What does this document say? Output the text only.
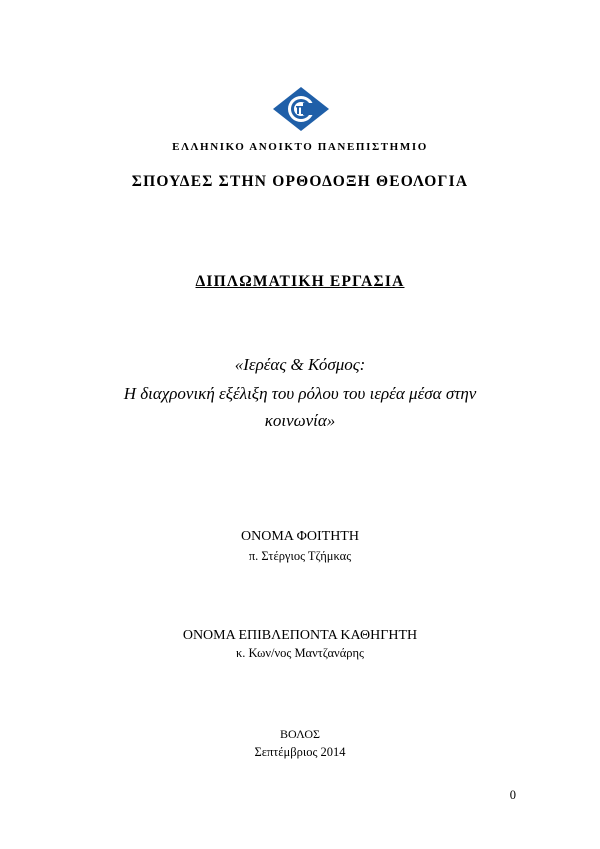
ΕΛΛΗΝΙΚΟ ΑΝΟΙΚΤΟ ΠΑΝΕΠΙΣΤΗΜΙΟ
ΣΠΟΥΔΕΣ ΣΤΗΝ ΟΡΘΟΔΟΞΗ ΘΕΟΛΟΓΙΑ
ΔΙΠΛΩΜΑΤΙΚΗ ΕΡΓΑΣΙΑ
«Ιερέας & Κόσμος:
Η διαχρονική εξέλιξη του ρόλου του ιερέα μέσα στην
κοινωνία»
ΟΝΟΜΑ ΦΟΙΤΗΤΗ
π. Στέργιος Τζήμκας
ΟΝΟΜΑ ΕΠΙΒΛΕΠΟΝΤΑ ΚΑΘΗΓΗΤΗ
κ. Κων/νος Μαντζανάρης
ΒΟΛΟΣ
Σεπτέμβριος 2014
0
